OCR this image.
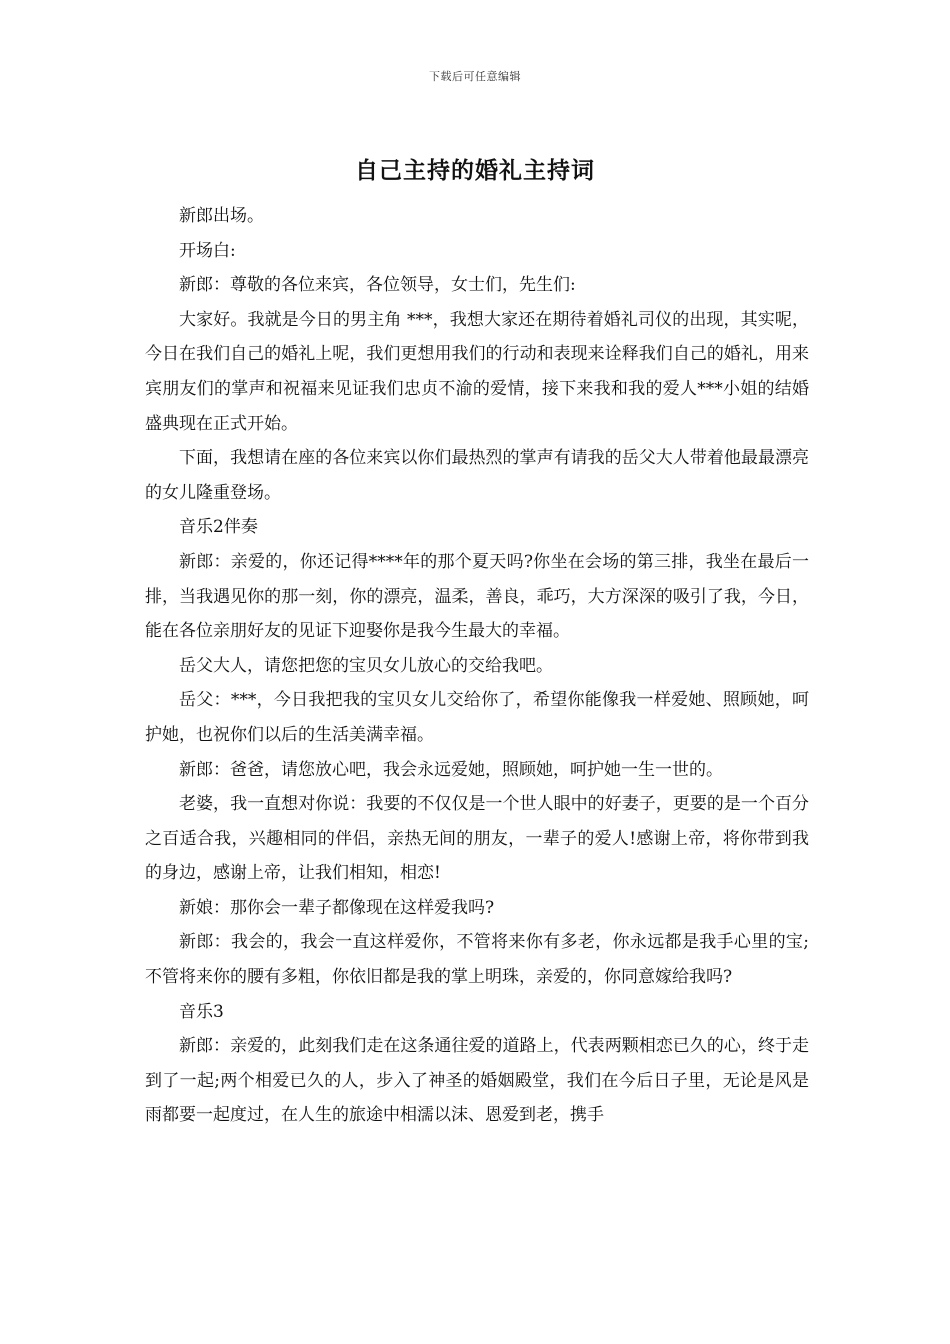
下载后可任意编辑
自己主持的婚礼主持词

新郎出场。

开场白:

新郎：尊敬的各位来宾，各位领导，女士们，先生们:

大家好。我就是今日的男主角 ***，我想大家还在期待着婚礼司仪的出现，其实呢，今日在我们自己的婚礼上呢，我们更想用我们的行动和表现来诠释我们自己的婚礼，用来宾朋友们的掌声和祝福来见证我们忠贞不渝的爱情，接下来我和我的爱人***小姐的结婚盛典现在正式开始。

下面，我想请在座的各位来宾以你们最热烈的掌声有请我的岳父大人带着他最最漂亮的女儿隆重登场。

音乐2伴奏

新郎：亲爱的，你还记得****年的那个夏天吗?你坐在会场的第三排，我坐在最后一排，当我遇见你的那一刻，你的漂亮，温柔，善良，乖巧，大方深深的吸引了我，今日，能在各位亲朋好友的见证下迎娶你是我今生最大的幸福。

岳父大人，请您把您的宝贝女儿放心的交给我吧。

岳父：***，今日我把我的宝贝女儿交给你了，希望你能像我一样爱她、照顾她，呵护她，也祝你们以后的生活美满幸福。

新郎：爸爸，请您放心吧，我会永远爱她，照顾她，呵护她一生一世的。

老婆，我一直想对你说：我要的不仅仅是一个世人眼中的好妻子，更要的是一个百分之百适合我，兴趣相同的伴侣，亲热无间的朋友，一辈子的爱人!感谢上帝，将你带到我的身边，感谢上帝，让我们相知，相恋!

新娘：那你会一辈子都像现在这样爱我吗?

新郎：我会的，我会一直这样爱你，不管将来你有多老，你永远都是我手心里的宝;不管将来你的腰有多粗，你依旧都是我的掌上明珠，亲爱的，你同意嫁给我吗?

音乐3

新郎：亲爱的，此刻我们走在这条通往爱的道路上，代表两颗相恋已久的心，终于走到了一起;两个相爱已久的人，步入了神圣的婚姻殿堂，我们在今后日子里，无论是风是雨都要一起度过，在人生的旅途中相濡以沫、恩爱到老，携手
